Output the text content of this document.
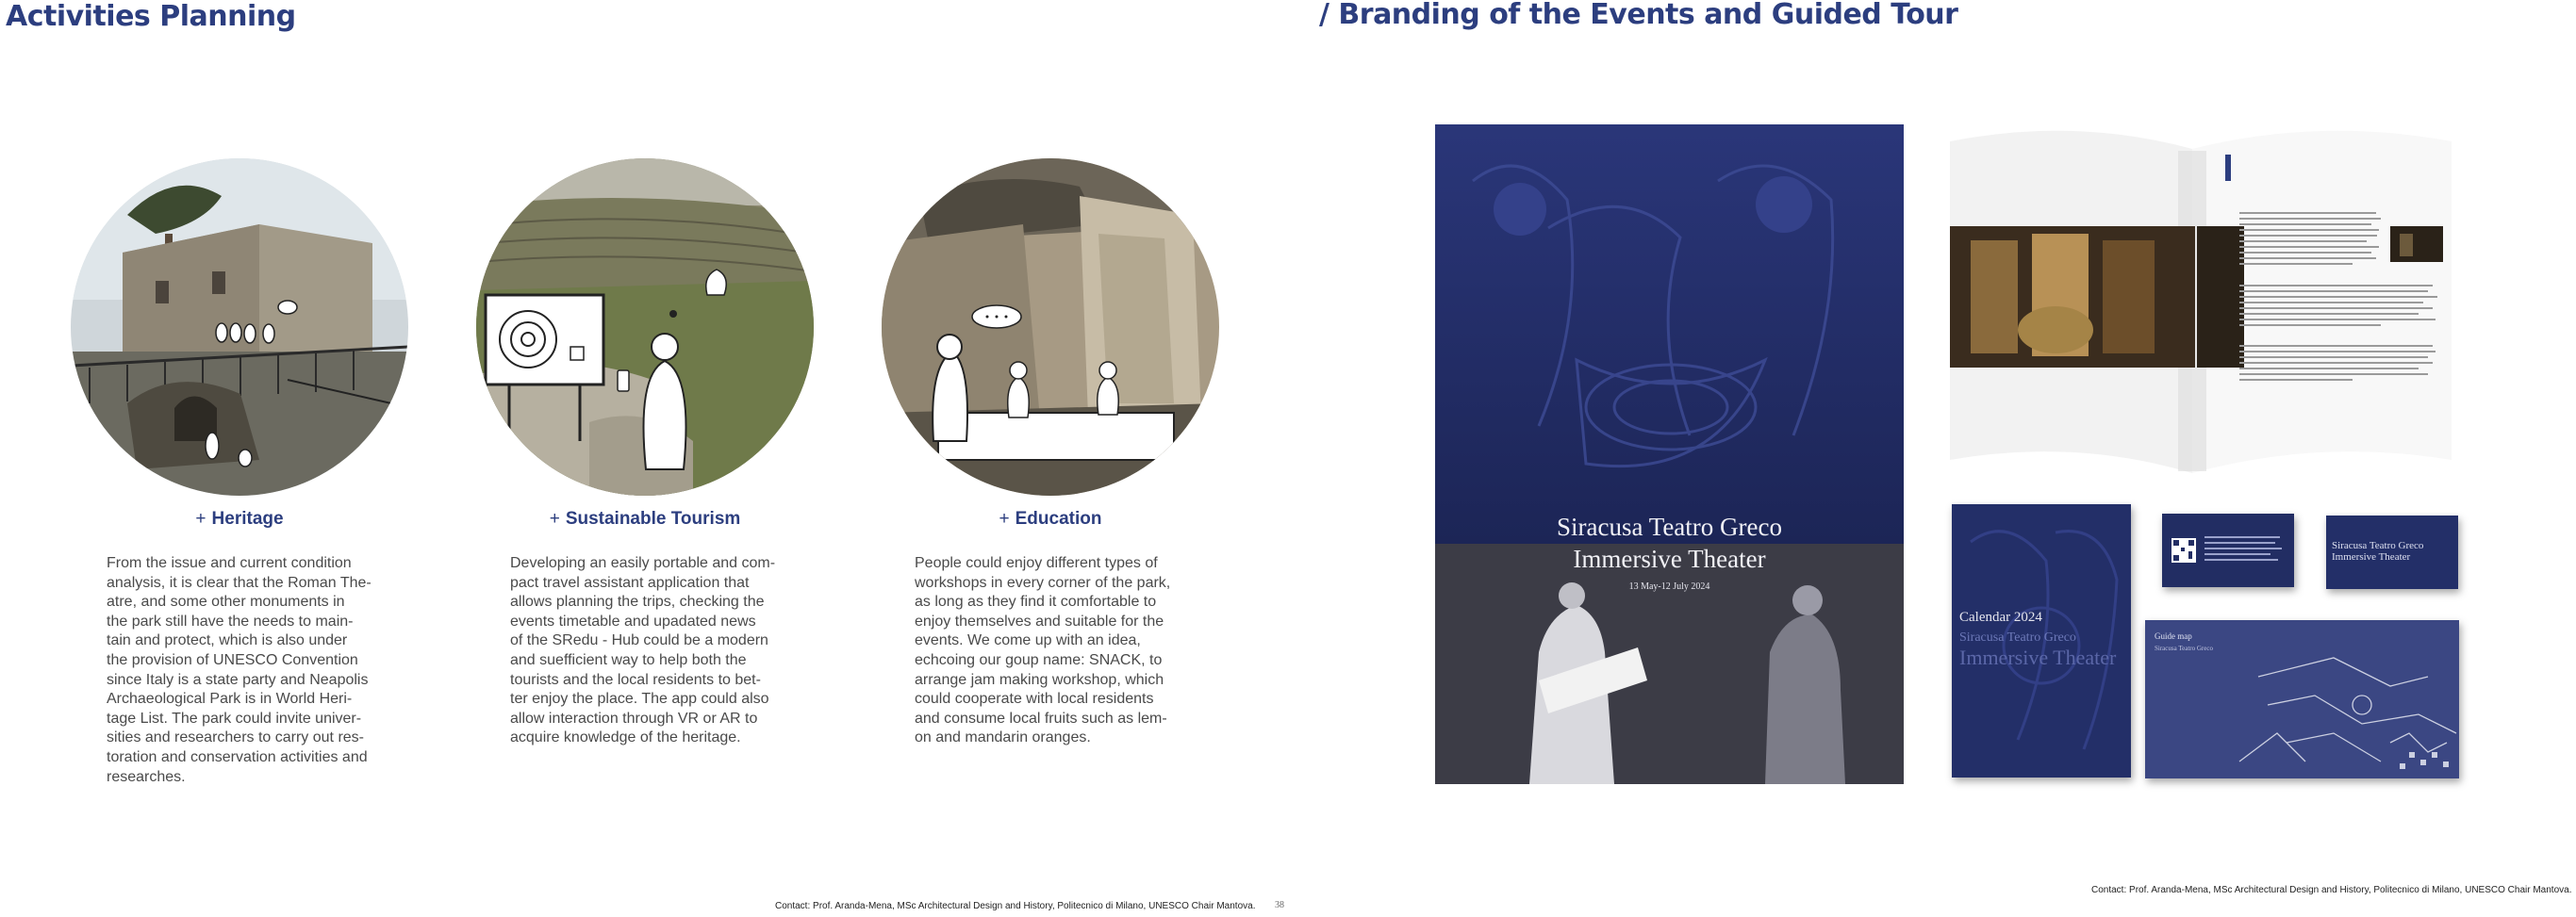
Activities Planning
+ Heritage	+ Sustainable Tourism	+ Education

From the issue and current condition

analysis, it is clear that the Roman The-

atre, and some other monuments in

the park still have the needs to main-

tain and protect, which is also under

the provision of UNESCO Convention

since Italy is a state party and Neapolis

Archaeological Park is in World Heri-

tage List. The park could invite univer-

sities and researchers to carry out res-

toration and conservation activities and

researches.

Developing an easily portable and com-

pact travel assistant application that

allows planning the trips, checking the

events timetable and upadated news

of the SRedu - Hub could be a modern

and suefficient way to help both the

tourists and the local residents to bet-

ter enjoy the place. The app could also

allow interaction through VR or AR to

acquire knowledge of the heritage.

People could enjoy different types of

workshops in every corner of the park,

as long as they find it comfortable to

enjoy themselves and suitable for the

events. We come up with an idea,

echcoing our goup name: SNACK, to

arrange jam making workshop, which

could cooperate with local residents

and consume local fruits such as lem-

on and mandarin oranges.

Contact: Prof. Aranda-Mena, MSc Architectural Design and History, Politecnico di Milano, UNESCO Chair Mantova. 38
/ Branding of the Events and Guided Tour
Siracusa Teatro Greco
Immersive Theater
13 May-12 July 2024
Calendar 2024
Siracusa Teatro Greco
Immersive Theater
Siracusa Teatro Greco
Immersive Theater
Guide map
Siracusa Teatro Greco
Contact: Prof. Aranda-Mena, MSc Architectural Design and History, Politecnico di Milano, UNESCO Chair Mantova.
